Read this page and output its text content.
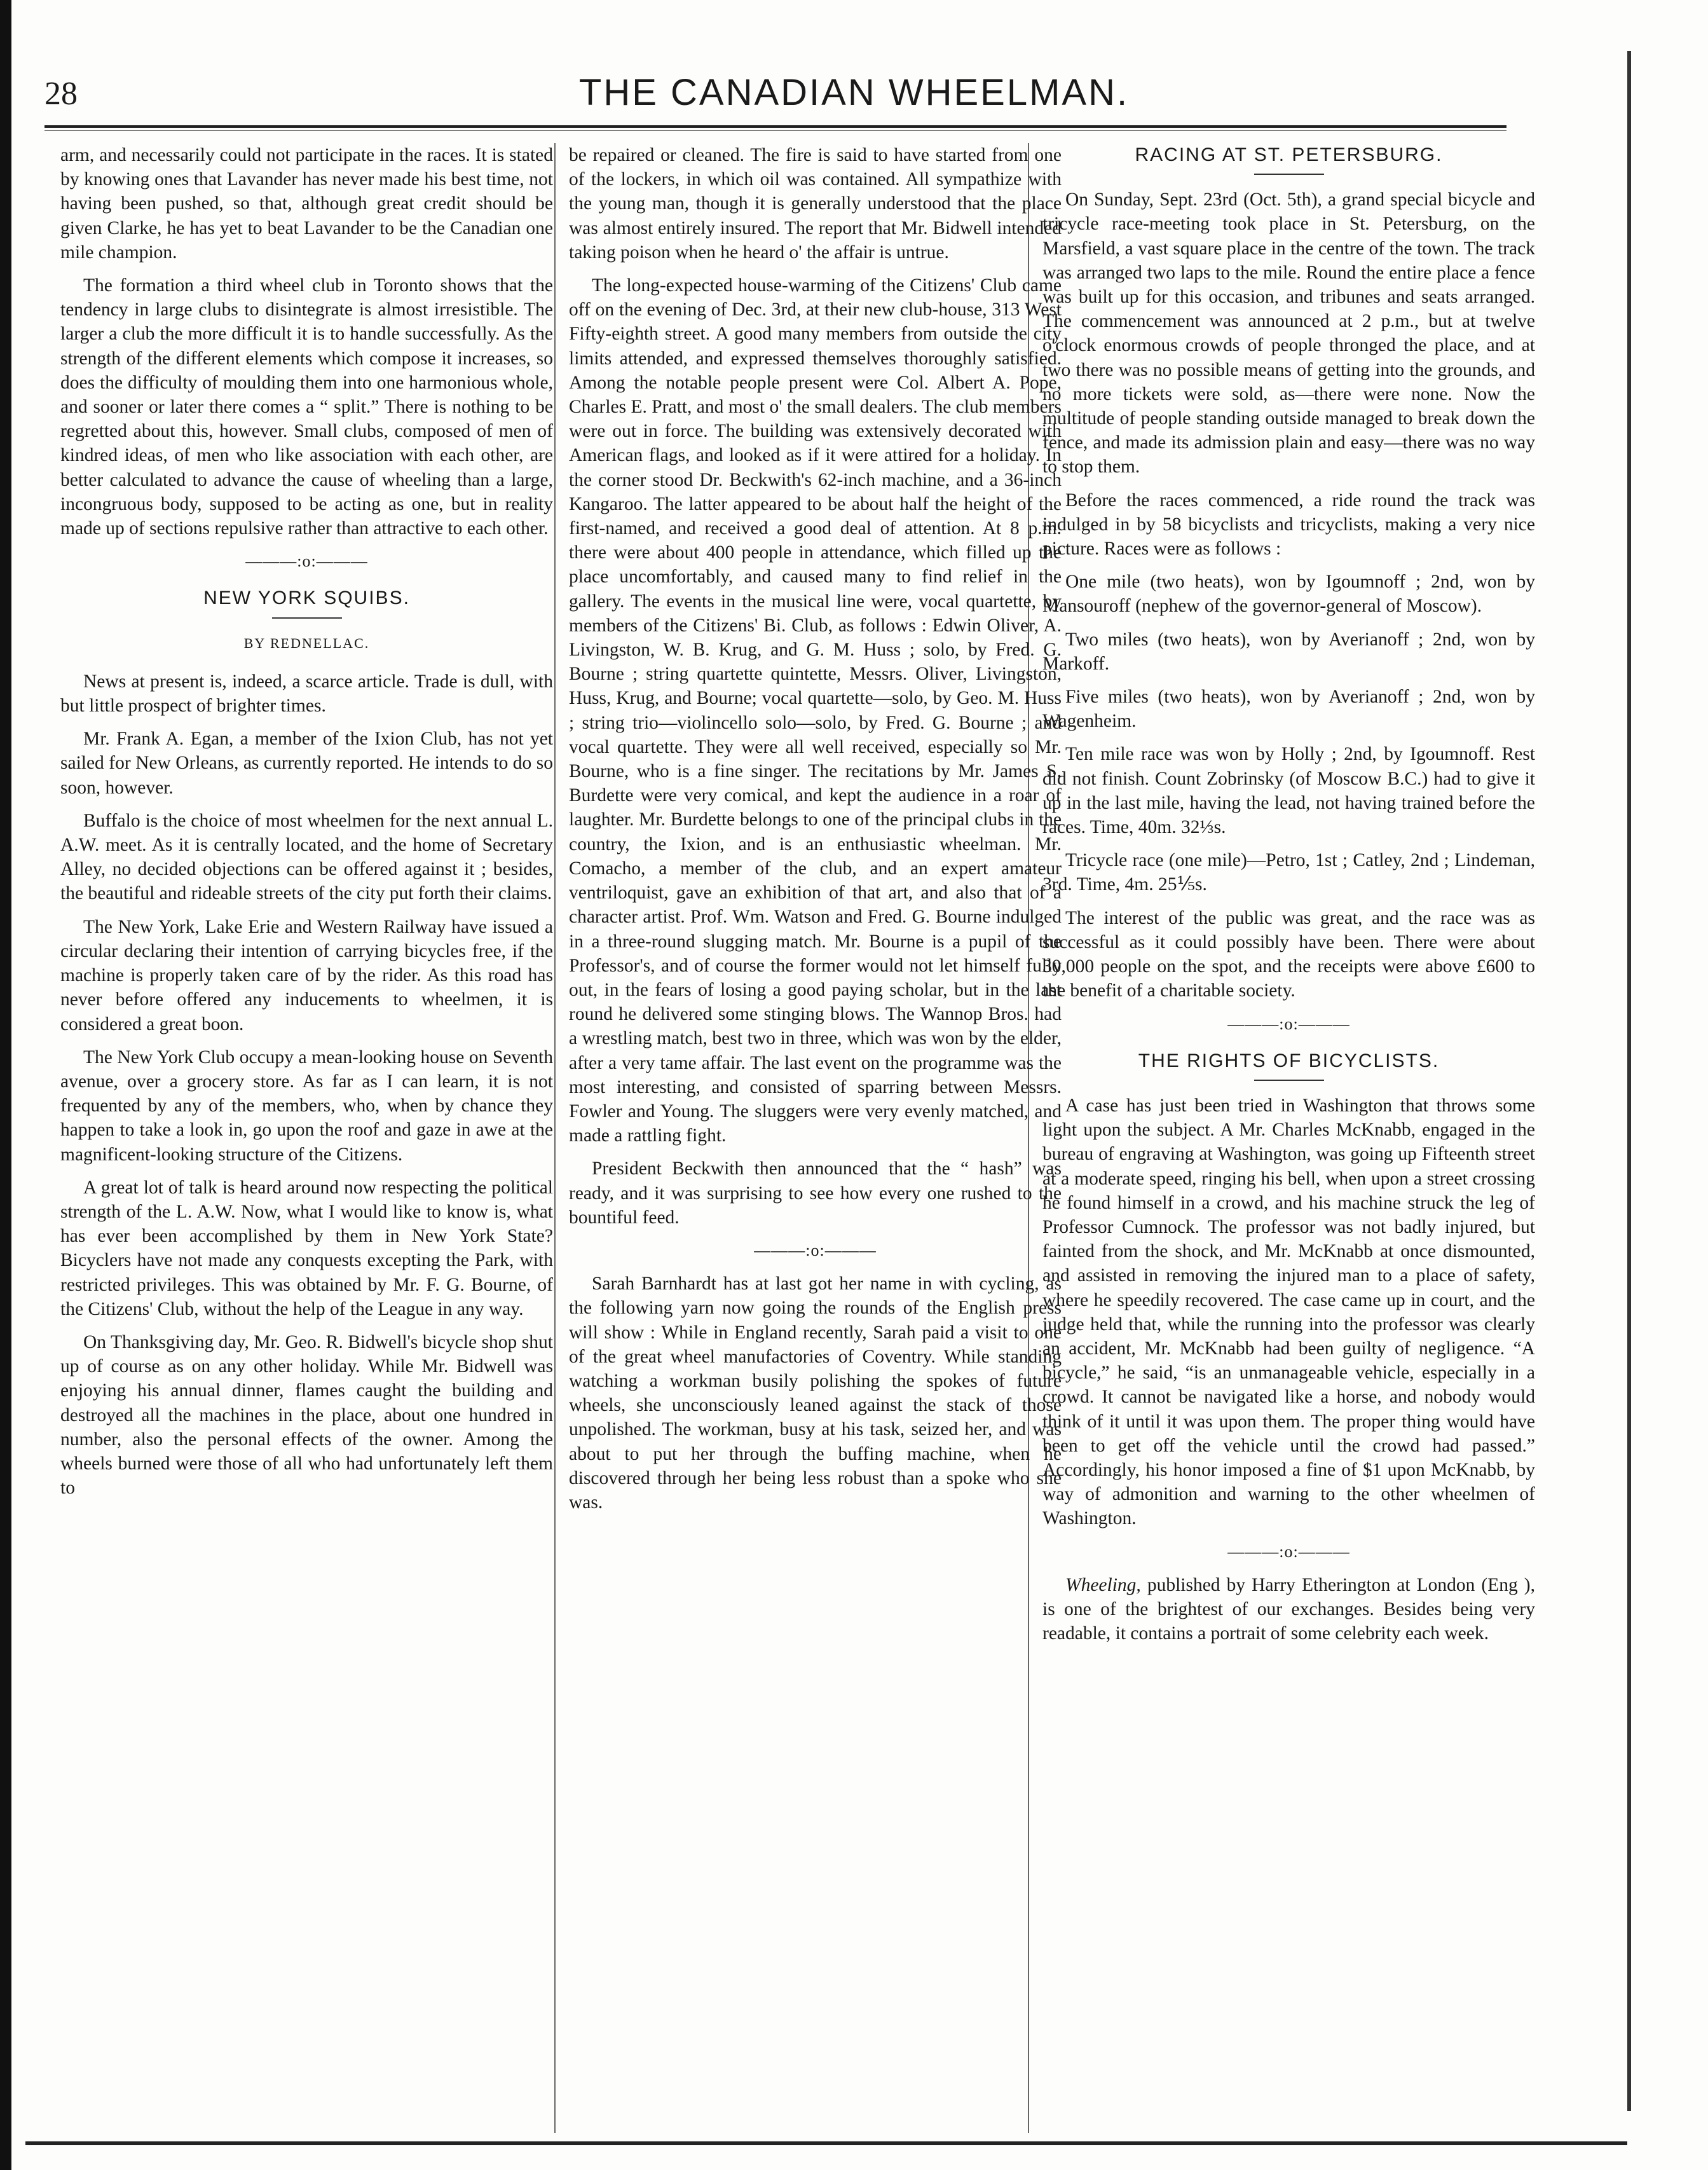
28	THE CANADIAN WHEELMAN.

arm, and necessarily could not participate in the races. It is stated by knowing ones that Lavander has never made his best time, not having been pushed, so that, although great credit should be given Clarke, he has yet to beat Lavander to be the Canadian one mile champion.

The formation a third wheel club in Toronto shows that the tendency in large clubs to disintegrate is almost irresistible. The larger a club the more difficult it is to handle successfully. As the strength of the different elements which compose it increases, so does the difficulty of moulding them into one harmonious whole, and sooner or later there comes a “ split.” There is nothing to be regretted about this, however. Small clubs, composed of men of kindred ideas, of men who like association with each other, are better calculated to advance the cause of wheeling than a large, incongruous body, supposed to be acting as one, but in reality made up of sections repulsive rather than attractive to each other.

———:o:———
NEW YORK SQUIBS.
BY REDNELLAC.

News at present is, indeed, a scarce article. Trade is dull, with but little prospect of brighter times.

Mr. Frank A. Egan, a member of the Ixion Club, has not yet sailed for New Orleans, as currently reported. He intends to do so soon, however.

Buffalo is the choice of most wheelmen for the next annual L. A.W. meet. As it is centrally located, and the home of Secretary Alley, no decided objections can be offered against it ; besides, the beautiful and rideable streets of the city put forth their claims.

The New York, Lake Erie and Western Railway have issued a circular declaring their intention of carrying bicycles free, if the machine is properly taken care of by the rider. As this road has never before offered any inducements to wheelmen, it is considered a great boon.

The New York Club occupy a mean-looking house on Seventh avenue, over a grocery store. As far as I can learn, it is not frequented by any of the members, who, when by chance they happen to take a look in, go upon the roof and gaze in awe at the magnificent-looking structure of the Citizens.

A great lot of talk is heard around now respecting the political strength of the L. A.W. Now, what I would like to know is, what has ever been accomplished by them in New York State? Bicyclers have not made any conquests excepting the Park, with restricted privileges. This was obtained by Mr. F. G. Bourne, of the Citizens' Club, without the help of the League in any way.

On Thanksgiving day, Mr. Geo. R. Bidwell's bicycle shop shut up of course as on any other holiday. While Mr. Bidwell was enjoying his annual dinner, flames caught the building and destroyed all the machines in the place, about one hundred in number, also the personal effects of the owner. Among the wheels burned were those of all who had unfortunately left them to

be repaired or cleaned. The fire is said to have started from one of the lockers, in which oil was contained. All sympathize with the young man, though it is generally understood that the place was almost entirely insured. The report that Mr. Bidwell intended taking poison when he heard o' the affair is untrue.

The long-expected house-warming of the Citizens' Club came off on the evening of Dec. 3rd, at their new club-house, 313 West Fifty-eighth street. A good many members from outside the city limits attended, and expressed themselves thoroughly satisfied. Among the notable people present were Col. Albert A. Pope, Charles E. Pratt, and most o' the small dealers. The club members were out in force. The building was extensively decorated with American flags, and looked as if it were attired for a holiday. In the corner stood Dr. Beckwith's 62-inch machine, and a 36-inch Kangaroo. The latter appeared to be about half the height of the first-named, and received a good deal of attention. At 8 p.m. there were about 400 people in attendance, which filled up the place uncomfortably, and caused many to find relief in the gallery. The events in the musical line were, vocal quartette, by members of the Citizens' Bi. Club, as follows : Edwin Oliver, A. Livingston, W. B. Krug, and G. M. Huss ; solo, by Fred. G. Bourne ; string quartette quintette, Messrs. Oliver, Livingston, Huss, Krug, and Bourne; vocal quartette—solo, by Geo. M. Huss ; string trio—violincello solo—solo, by Fred. G. Bourne ; and vocal quartette. They were all well received, especially so Mr. Bourne, who is a fine singer. The recitations by Mr. James S. Burdette were very comical, and kept the audience in a roar of laughter. Mr. Burdette belongs to one of the principal clubs in the country, the Ixion, and is an enthusiastic wheelman. Mr. Comacho, a member of the club, and an expert amateur ventriloquist, gave an exhibition of that art, and also that of a character artist. Prof. Wm. Watson and Fred. G. Bourne indulged in a three-round slugging match. Mr. Bourne is a pupil of the Professor's, and of course the former would not let himself fully out, in the fears of losing a good paying scholar, but in the last round he delivered some stinging blows. The Wannop Bros. had a wrestling match, best two in three, which was won by the elder, after a very tame affair. The last event on the programme was the most interesting, and consisted of sparring between Messrs. Fowler and Young. The sluggers were very evenly matched, and made a rattling fight.

President Beckwith then announced that the “ hash” was ready, and it was surprising to see how every one rushed to the bountiful feed.

———:o:———

Sarah Barnhardt has at last got her name in with cycling, as the following yarn now going the rounds of the English press will show : While in England recently, Sarah paid a visit to one of the great wheel manufactories of Coventry. While standing watching a workman busily polishing the spokes of future wheels, she unconsciously leaned against the stack of those unpolished. The workman, busy at his task, seized her, and was about to put her through the buffing machine, when he discovered through her being less robust than a spoke who she was.

RACING AT ST. PETERSBURG.

On Sunday, Sept. 23rd (Oct. 5th), a grand special bicycle and tricycle race-meeting took place in St. Petersburg, on the Marsfield, a vast square place in the centre of the town. The track was arranged two laps to the mile. Round the entire place a fence was built up for this occasion, and tribunes and seats arranged. The commencement was announced at 2 p.m., but at twelve o'clock enormous crowds of people thronged the place, and at two there was no possible means of getting into the grounds, and no more tickets were sold, as—there were none. Now the multitude of people standing outside managed to break down the fence, and made its admission plain and easy—there was no way to stop them.

Before the races commenced, a ride round the track was indulged in by 58 bicyclists and tricyclists, making a very nice picture. Races were as follows :

One mile (two heats), won by Igoumnoff ; 2nd, won by Mansouroff (nephew of the governor-general of Moscow).

Two miles (two heats), won by Averianoff ; 2nd, won by Markoff.

Five miles (two heats), won by Averianoff ; 2nd, won by Wagenheim.

Ten mile race was won by Holly ; 2nd, by Igoumnoff. Rest did not finish. Count Zobrinsky (of Moscow B.C.) had to give it up in the last mile, having the lead, not having trained before the races. Time, 40m. 32⅓s.

Tricycle race (one mile)—Petro, 1st ; Catley, 2nd ; Lindeman, 3rd. Time, 4m. 25⅕s.

The interest of the public was great, and the race was as successful as it could possibly have been. There were about 30,000 people on the spot, and the receipts were above £600 to the benefit of a charitable society.

———:o:———
THE RIGHTS OF BICYCLISTS.

A case has just been tried in Washington that throws some light upon the subject. A Mr. Charles McKnabb, engaged in the bureau of engraving at Washington, was going up Fifteenth street at a moderate speed, ringing his bell, when upon a street crossing he found himself in a crowd, and his machine struck the leg of Professor Cumnock. The professor was not badly injured, but fainted from the shock, and Mr. McKnabb at once dismounted, and assisted in removing the injured man to a place of safety, where he speedily recovered. The case came up in court, and the judge held that, while the running into the professor was clearly an accident, Mr. McKnabb had been guilty of negligence. “A bicycle,” he said, “is an unmanageable vehicle, especially in a crowd. It cannot be navigated like a horse, and nobody would think of it until it was upon them. The proper thing would have been to get off the vehicle until the crowd had passed.” Accordingly, his honor imposed a fine of $1 upon McKnabb, by way of admonition and warning to the other wheelmen of Washington.

———:o:———

Wheeling, published by Harry Etherington at London (Eng ), is one of the brightest of our exchanges. Besides being very readable, it contains a portrait of some celebrity each week.
